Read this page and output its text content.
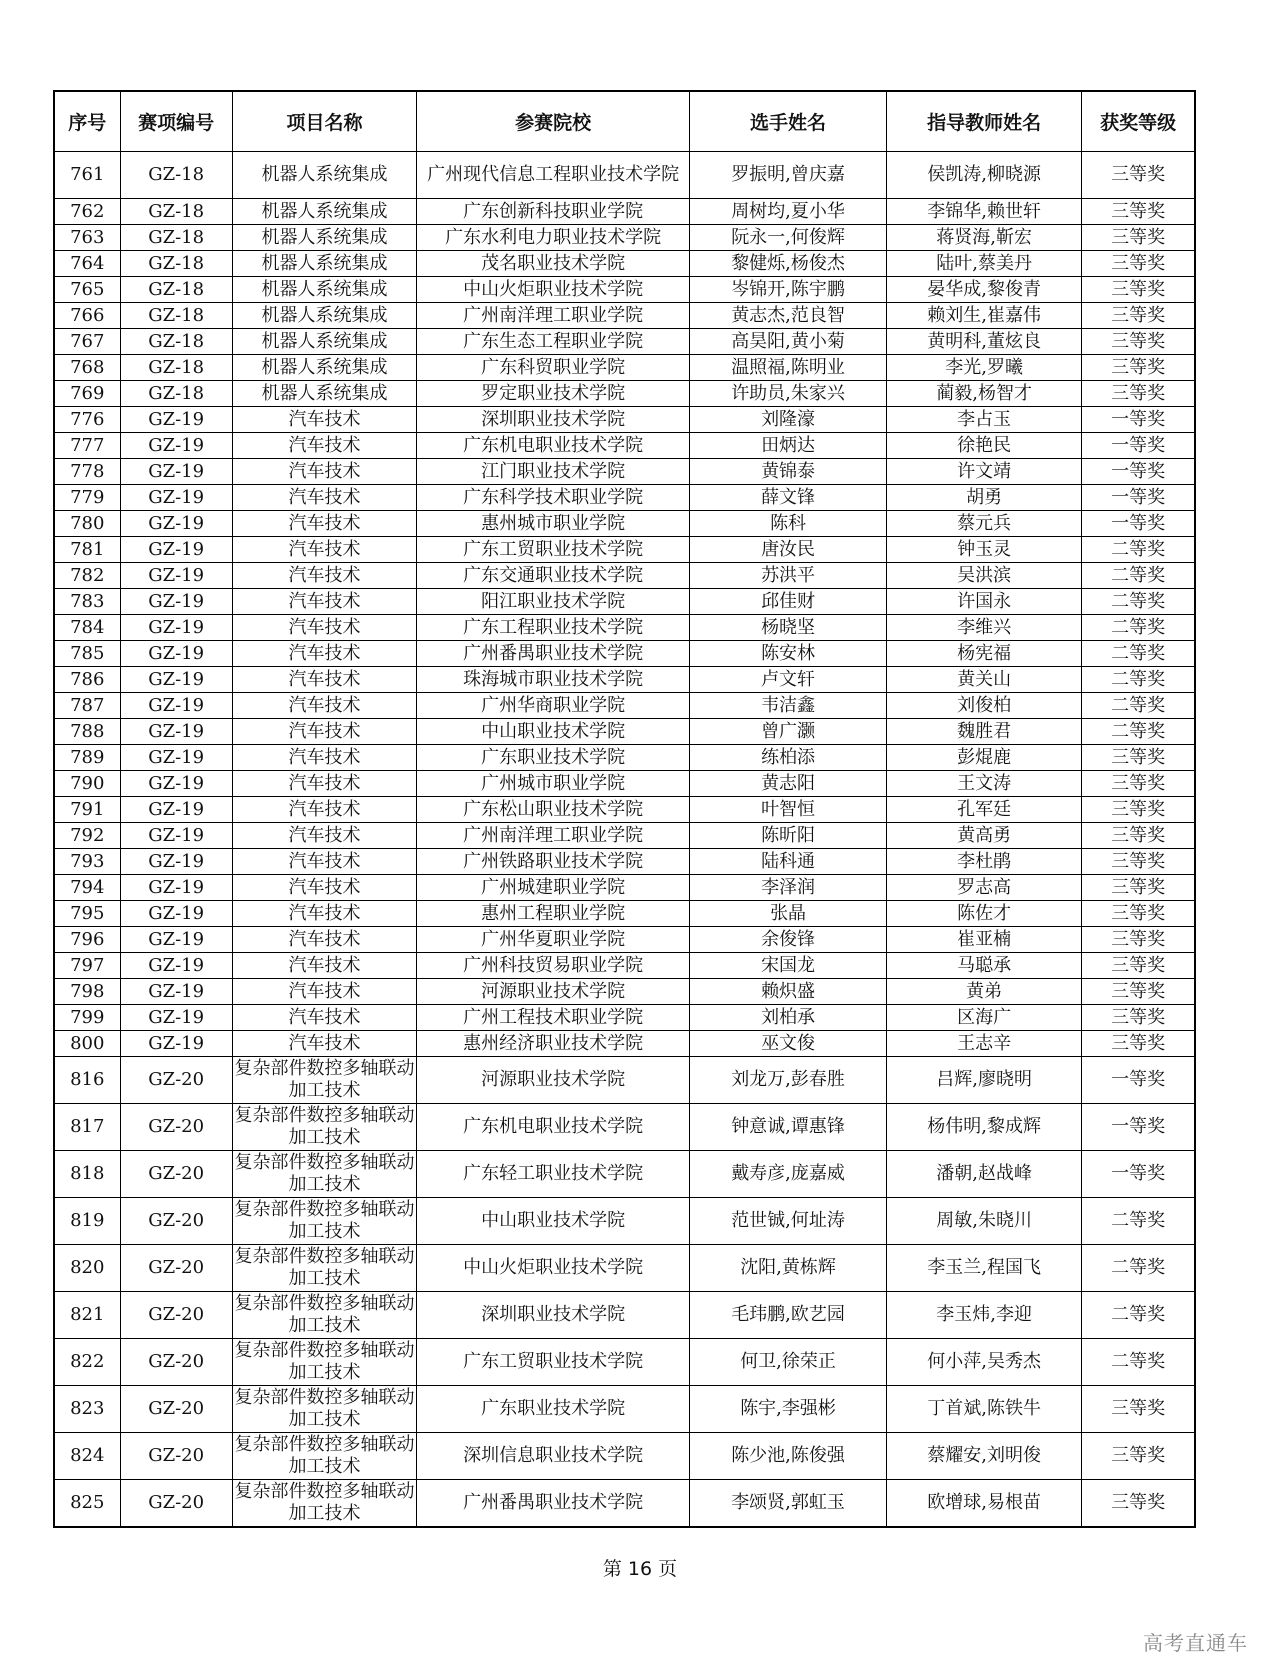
序号	赛项编号	项目名称	参赛院校	选手姓名	指导教师姓名	获奖等级
761	GZ-18	机器人系统集成	广州现代信息工程职业技术学院	罗振明,曾庆嘉	侯凯涛,柳晓源	三等奖
762	GZ-18	机器人系统集成	广东创新科技职业学院	周树均,夏小华	李锦华,赖世轩	三等奖
763	GZ-18	机器人系统集成	广东水利电力职业技术学院	阮永一,何俊辉	蒋贤海,靳宏	三等奖
764	GZ-18	机器人系统集成	茂名职业技术学院	黎健烁,杨俊杰	陆叶,蔡美丹	三等奖
765	GZ-18	机器人系统集成	中山火炬职业技术学院	岑锦开,陈宇鹏	晏华成,黎俊青	三等奖
766	GZ-18	机器人系统集成	广州南洋理工职业学院	黄志杰,范良智	赖刘生,崔嘉伟	三等奖
767	GZ-18	机器人系统集成	广东生态工程职业学院	高昊阳,黄小菊	黄明科,董炫良	三等奖
768	GZ-18	机器人系统集成	广东科贸职业学院	温照福,陈明业	李光,罗曦	三等奖
769	GZ-18	机器人系统集成	罗定职业技术学院	许助员,朱家兴	蔺毅,杨智才	三等奖
776	GZ-19	汽车技术	深圳职业技术学院	刘隆濠	李占玉	一等奖
777	GZ-19	汽车技术	广东机电职业技术学院	田炳达	徐艳民	一等奖
778	GZ-19	汽车技术	江门职业技术学院	黄锦泰	许文靖	一等奖
779	GZ-19	汽车技术	广东科学技术职业学院	薛文锋	胡勇	一等奖
780	GZ-19	汽车技术	惠州城市职业学院	陈科	蔡元兵	一等奖
781	GZ-19	汽车技术	广东工贸职业技术学院	唐汝民	钟玉灵	二等奖
782	GZ-19	汽车技术	广东交通职业技术学院	苏洪平	吴洪滨	二等奖
783	GZ-19	汽车技术	阳江职业技术学院	邱佳财	许国永	二等奖
784	GZ-19	汽车技术	广东工程职业技术学院	杨晓坚	李维兴	二等奖
785	GZ-19	汽车技术	广州番禺职业技术学院	陈安林	杨宪福	二等奖
786	GZ-19	汽车技术	珠海城市职业技术学院	卢文轩	黄关山	二等奖
787	GZ-19	汽车技术	广州华商职业学院	韦洁鑫	刘俊柏	二等奖
788	GZ-19	汽车技术	中山职业技术学院	曾广灏	魏胜君	二等奖
789	GZ-19	汽车技术	广东职业技术学院	练柏添	彭焜鹿	三等奖
790	GZ-19	汽车技术	广州城市职业学院	黄志阳	王文涛	三等奖
791	GZ-19	汽车技术	广东松山职业技术学院	叶智恒	孔军廷	三等奖
792	GZ-19	汽车技术	广州南洋理工职业学院	陈昕阳	黄高勇	三等奖
793	GZ-19	汽车技术	广州铁路职业技术学院	陆科通	李杜鹃	三等奖
794	GZ-19	汽车技术	广州城建职业学院	李泽润	罗志高	三等奖
795	GZ-19	汽车技术	惠州工程职业学院	张晶	陈佐才	三等奖
796	GZ-19	汽车技术	广州华夏职业学院	余俊锋	崔亚楠	三等奖
797	GZ-19	汽车技术	广州科技贸易职业学院	宋国龙	马聪承	三等奖
798	GZ-19	汽车技术	河源职业技术学院	赖炽盛	黄弟	三等奖
799	GZ-19	汽车技术	广州工程技术职业学院	刘柏承	区海广	三等奖
800	GZ-19	汽车技术	惠州经济职业技术学院	巫文俊	王志辛	三等奖
816	GZ-20	复杂部件数控多轴联动加工技术	河源职业技术学院	刘龙万,彭春胜	吕辉,廖晓明	一等奖
817	GZ-20	复杂部件数控多轴联动加工技术	广东机电职业技术学院	钟意诚,谭惠锋	杨伟明,黎成辉	一等奖
818	GZ-20	复杂部件数控多轴联动加工技术	广东轻工职业技术学院	戴寿彦,庞嘉威	潘朝,赵战峰	一等奖
819	GZ-20	复杂部件数控多轴联动加工技术	中山职业技术学院	范世铖,何址涛	周敏,朱晓川	二等奖
820	GZ-20	复杂部件数控多轴联动加工技术	中山火炬职业技术学院	沈阳,黄栋辉	李玉兰,程国飞	二等奖
821	GZ-20	复杂部件数控多轴联动加工技术	深圳职业技术学院	毛玮鹏,欧艺园	李玉炜,李迎	二等奖
822	GZ-20	复杂部件数控多轴联动加工技术	广东工贸职业技术学院	何卫,徐荣正	何小萍,吴秀杰	二等奖
823	GZ-20	复杂部件数控多轴联动加工技术	广东职业技术学院	陈宇,李强彬	丁首斌,陈铁牛	三等奖
824	GZ-20	复杂部件数控多轴联动加工技术	深圳信息职业技术学院	陈少池,陈俊强	蔡耀安,刘明俊	三等奖
825	GZ-20	复杂部件数控多轴联动加工技术	广州番禺职业技术学院	李颂贤,郭虹玉	欧增球,易根苗	三等奖
第 16 页
高考直通车
